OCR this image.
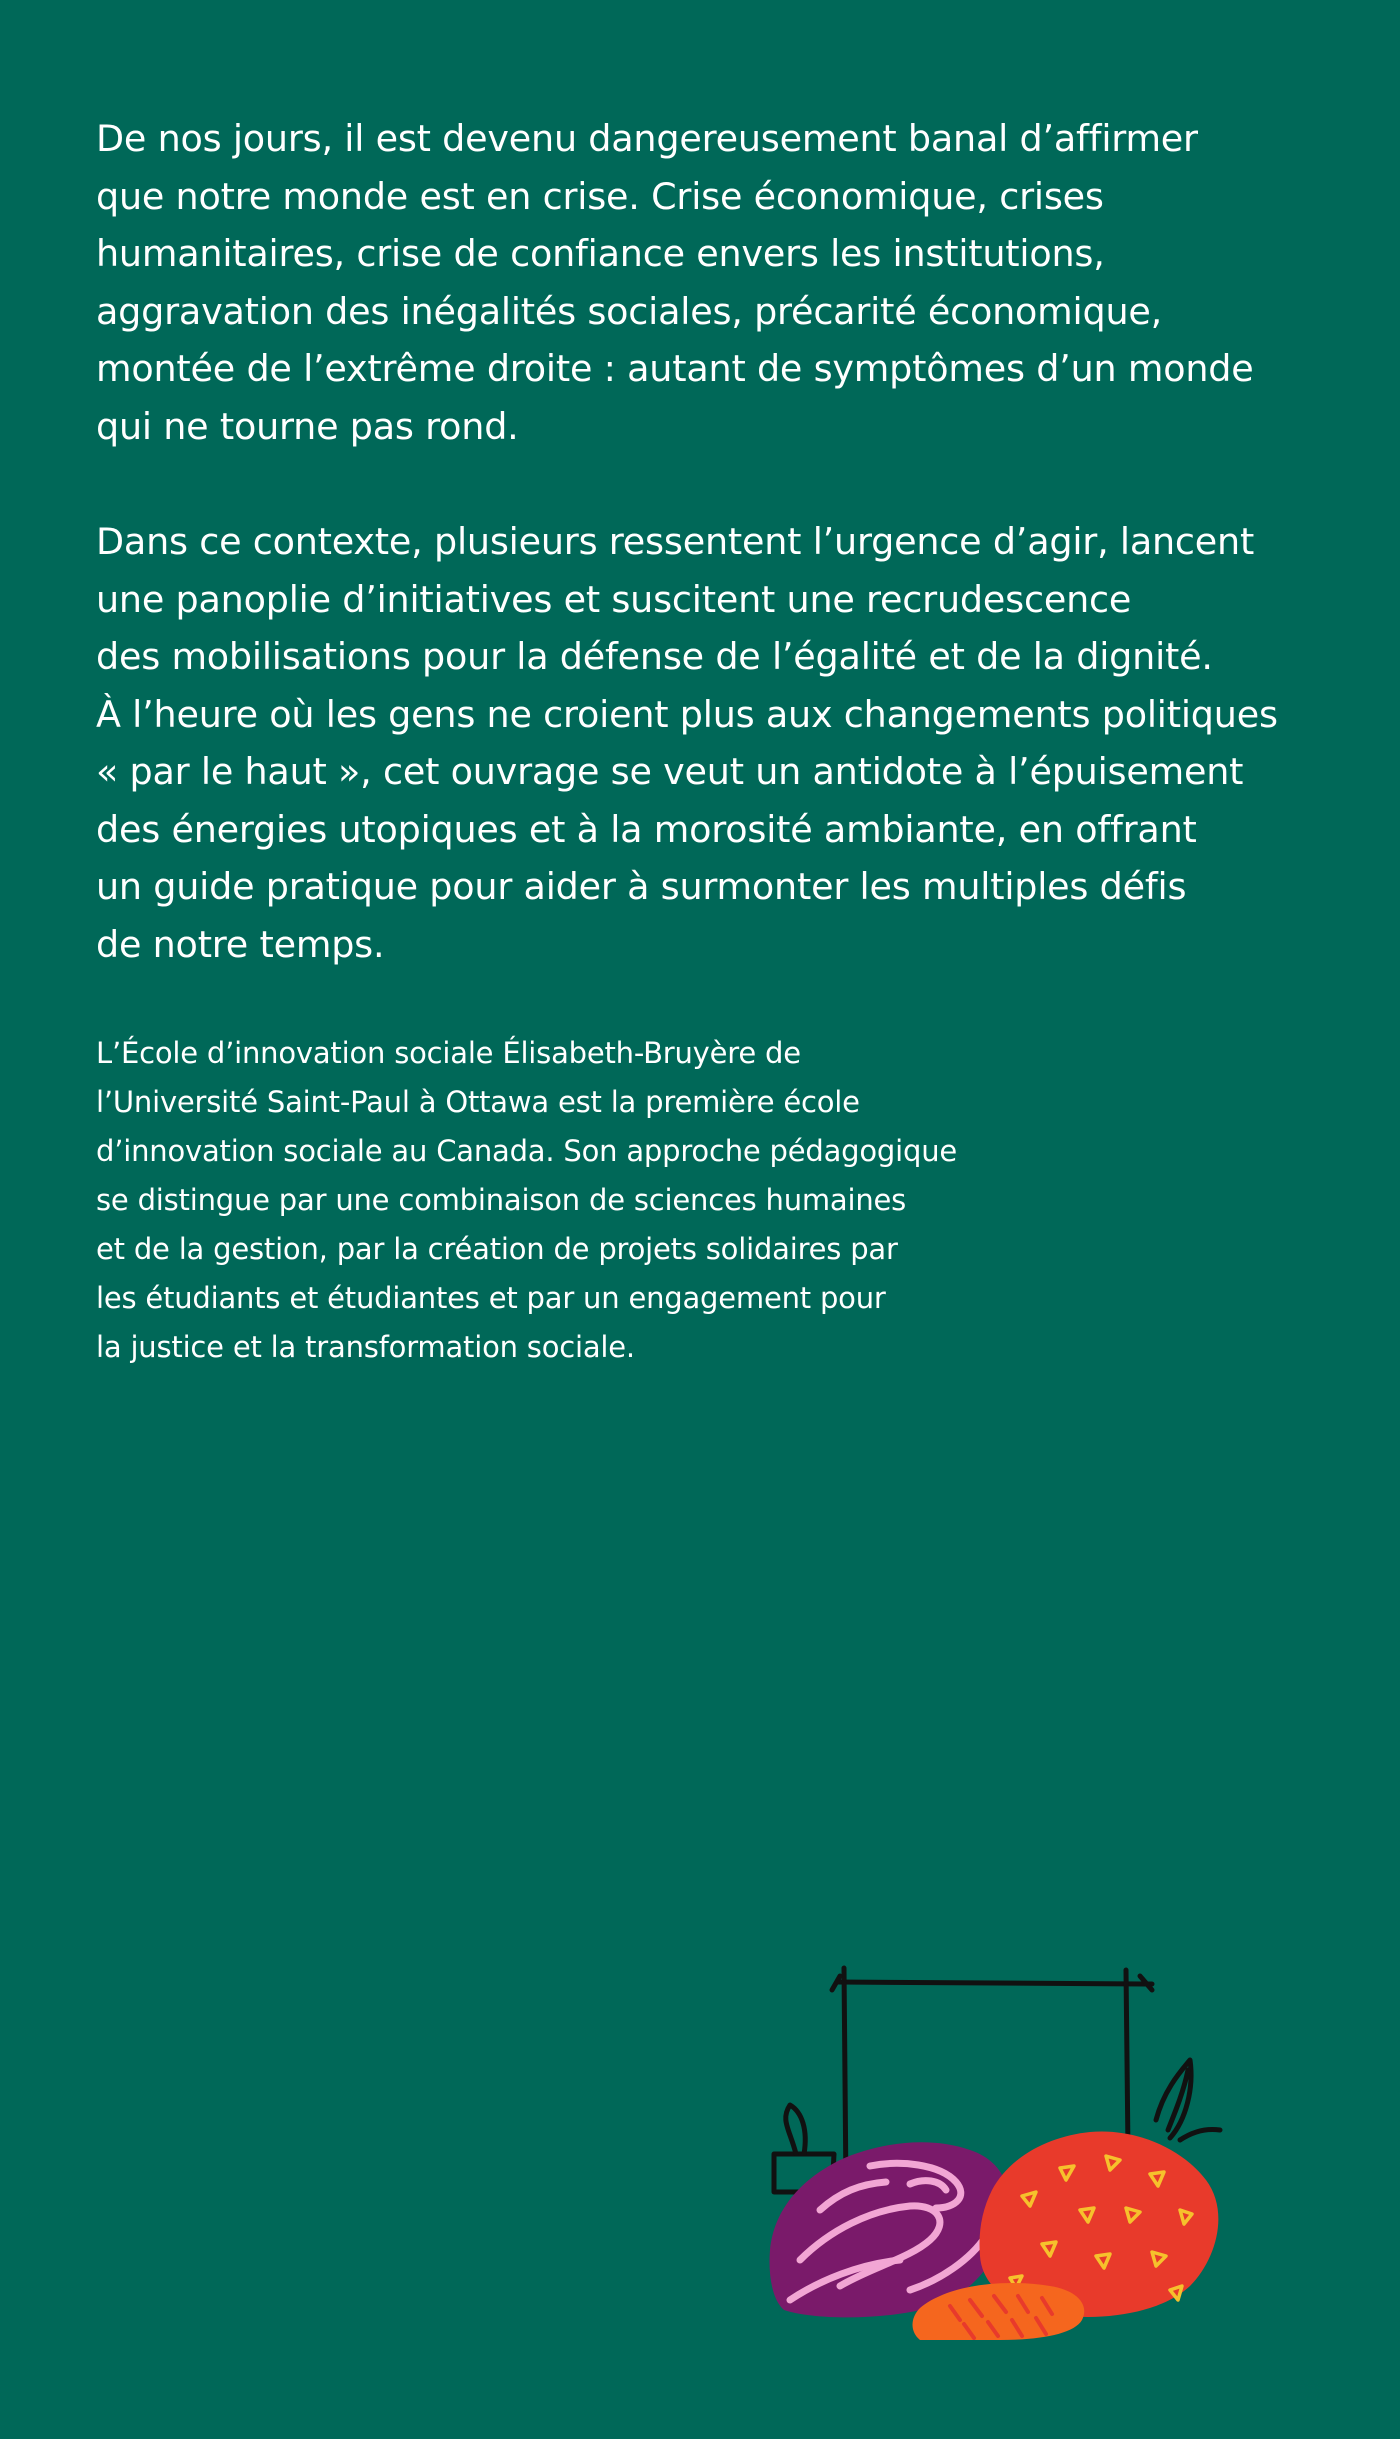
De nos jours, il est devenu dangereusement banal d’affirmer
que notre monde est en crise. Crise économique, crises
humanitaires, crise de confiance envers les institutions,
aggravation des inégalités sociales, précarité économique,
montée de l’extrême droite : autant de symptômes d’un monde
qui ne tourne pas rond.
Dans ce contexte, plusieurs ressentent l’urgence d’agir, lancent
une panoplie d’initiatives et suscitent une recrudescence
des mobilisations pour la défense de l’égalité et de la dignité.
À l’heure où les gens ne croient plus aux changements politiques
« par le haut », cet ouvrage se veut un antidote à l’épuisement
des énergies utopiques et à la morosité ambiante, en offrant
un guide pratique pour aider à surmonter les multiples défis
de notre temps.
L’École d’innovation sociale Élisabeth-Bruyère de
l’Université Saint-Paul à Ottawa est la première école
d’innovation sociale au Canada. Son approche pédagogique
se distingue par une combinaison de sciences humaines
et de la gestion, par la création de projets solidaires par
les étudiants et étudiantes et par un engagement pour
la justice et la transformation sociale.
